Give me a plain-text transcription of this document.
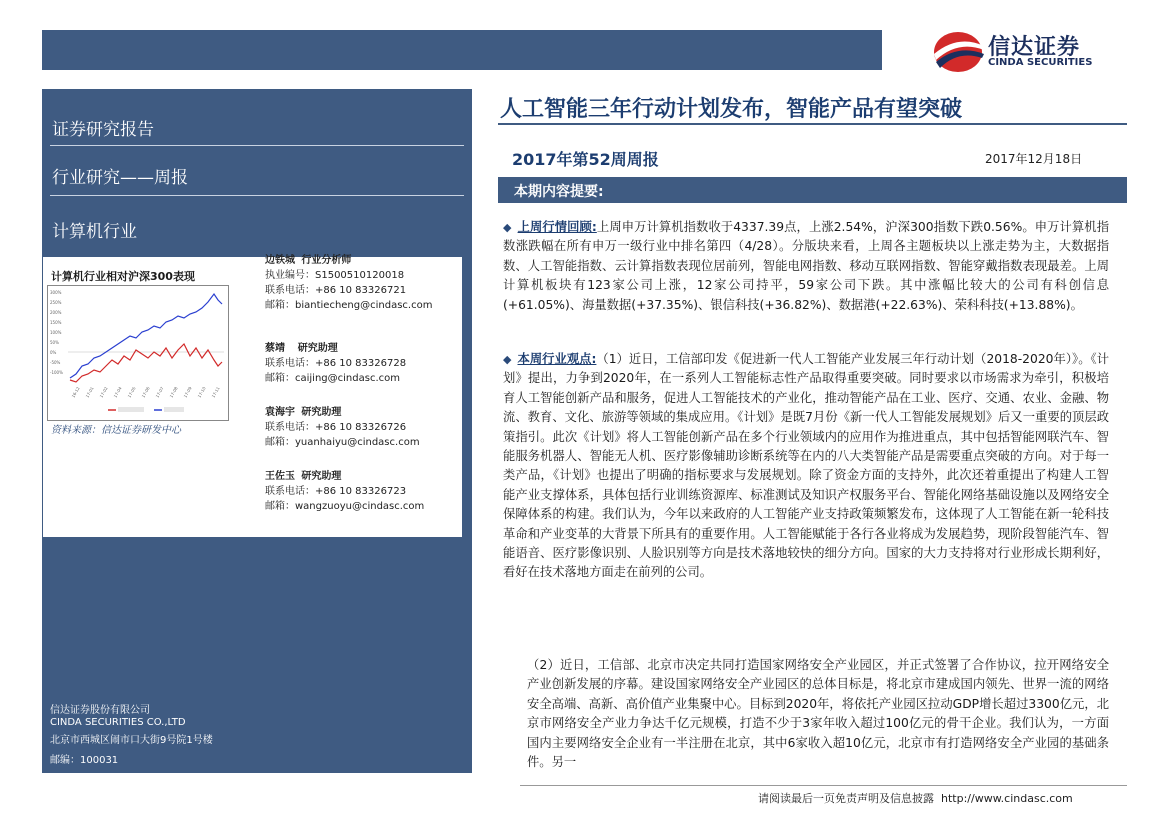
信达证券
CINDA SECURITIES
证券研究报告
行业研究——周报
计算机行业
信达证券股份有限公司
CINDA SECURITIES CO.,LTD
北京市西城区闹市口大街9号院1号楼
邮编：100031
计算机行业相对沪深300表现
300%
250%
200%
150%
100%
50%
0%
-50%
-100%
16-12 17-01 17-02 17-04 17-05 17-06 17-07 17-08 17-09 17-10 17-11
资料来源：信达证券研发中心
边铁城 行业分析师
执业编号：S1500510120018
联系电话：+86 10 83326721
邮箱：biantiecheng@cindasc.com
蔡靖 研究助理
联系电话：+86 10 83326728
邮箱：caijing@cindasc.com
袁海宇 研究助理
联系电话：+86 10 83326726
邮箱：yuanhaiyu@cindasc.com
王佐玉 研究助理
联系电话：+86 10 83326723
邮箱：wangzuoyu@cindasc.com
人工智能三年行动计划发布，智能产品有望突破
2017年第52周周报	2017年12月18日
本期内容提要:
◆ 上周行情回顾:上周申万计算机指数收于4337.39点，上涨2.54%，沪深300指数下跌0.56%。申万计算机指数涨跌幅在所有申万一级行业中排名第四（4/28）。分版块来看，上周各主题板块以上涨走势为主，大数据指数、人工智能指数、云计算指数表现位居前列，智能电网指数、移动互联网指数、智能穿戴指数表现最差。上周计算机板块有123家公司上涨，12家公司持平，59家公司下跌。其中涨幅比较大的公司有科创信息(+61.05%)、海量数据(+37.35%)、银信科技(+36.82%)、数据港(+22.63%)、荣科科技(+13.88%)。
◆ 本周行业观点:（1）近日，工信部印发《促进新一代人工智能产业发展三年行动计划（2018-2020年）》。《计划》提出，力争到2020年，在一系列人工智能标志性产品取得重要突破。同时要求以市场需求为牵引，积极培育人工智能创新产品和服务，促进人工智能技术的产业化，推动智能产品在工业、医疗、交通、农业、金融、物流、教育、文化、旅游等领域的集成应用。《计划》是既7月份《新一代人工智能发展规划》后又一重要的顶层政策指引。此次《计划》将人工智能创新产品在多个行业领域内的应用作为推进重点，其中包括智能网联汽车、智能服务机器人、智能无人机、医疗影像辅助诊断系统等在内的八大类智能产品是需要重点突破的方向。对于每一类产品，《计划》也提出了明确的指标要求与发展规划。除了资金方面的支持外，此次还着重提出了构建人工智能产业支撑体系，具体包括行业训练资源库、标准测试及知识产权服务平台、智能化网络基础设施以及网络安全保障体系的构建。我们认为，今年以来政府的人工智能产业支持政策频繁发布，这体现了人工智能在新一轮科技革命和产业变革的大背景下所具有的重要作用。人工智能赋能于各行各业将成为发展趋势，现阶段智能汽车、智能语音、医疗影像识别、人脸识别等方向是技术落地较快的细分方向。国家的大力支持将对行业形成长期利好，看好在技术落地方面走在前列的公司。
（2）近日，工信部、北京市决定共同打造国家网络安全产业园区，并正式签署了合作协议，拉开网络安全产业创新发展的序幕。建设国家网络安全产业园区的总体目标是，将北京市建成国内领先、世界一流的网络安全高端、高新、高价值产业集聚中心。目标到2020年，将依托产业园区拉动GDP增长超过3300亿元，北京市网络安全产业力争达千亿元规模，打造不少于3家年收入超过100亿元的骨干企业。我们认为，一方面国内主要网络安全企业有一半注册在北京，其中6家收入超10亿元，北京市有打造网络安全产业园的基础条件。另一
请阅读最后一页免责声明及信息披露 http://www.cindasc.com
